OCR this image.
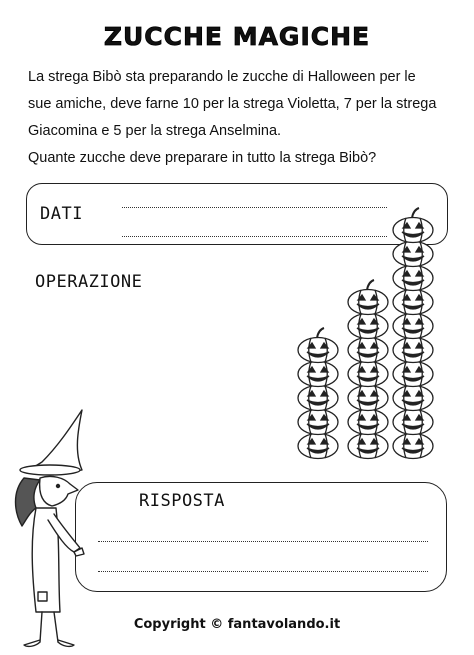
ZUCCHE MAGICHE

La strega Bibò sta preparando le zucche di Halloween per le

sue amiche, deve farne 10 per la strega Violetta, 7 per la strega

Giacomina e 5 per la strega Anselmina.

Quante zucche deve preparare in tutto la strega Bibò?

DATI
OPERAZIONE
RISPOSTA
Copyright © fantavolando.it
